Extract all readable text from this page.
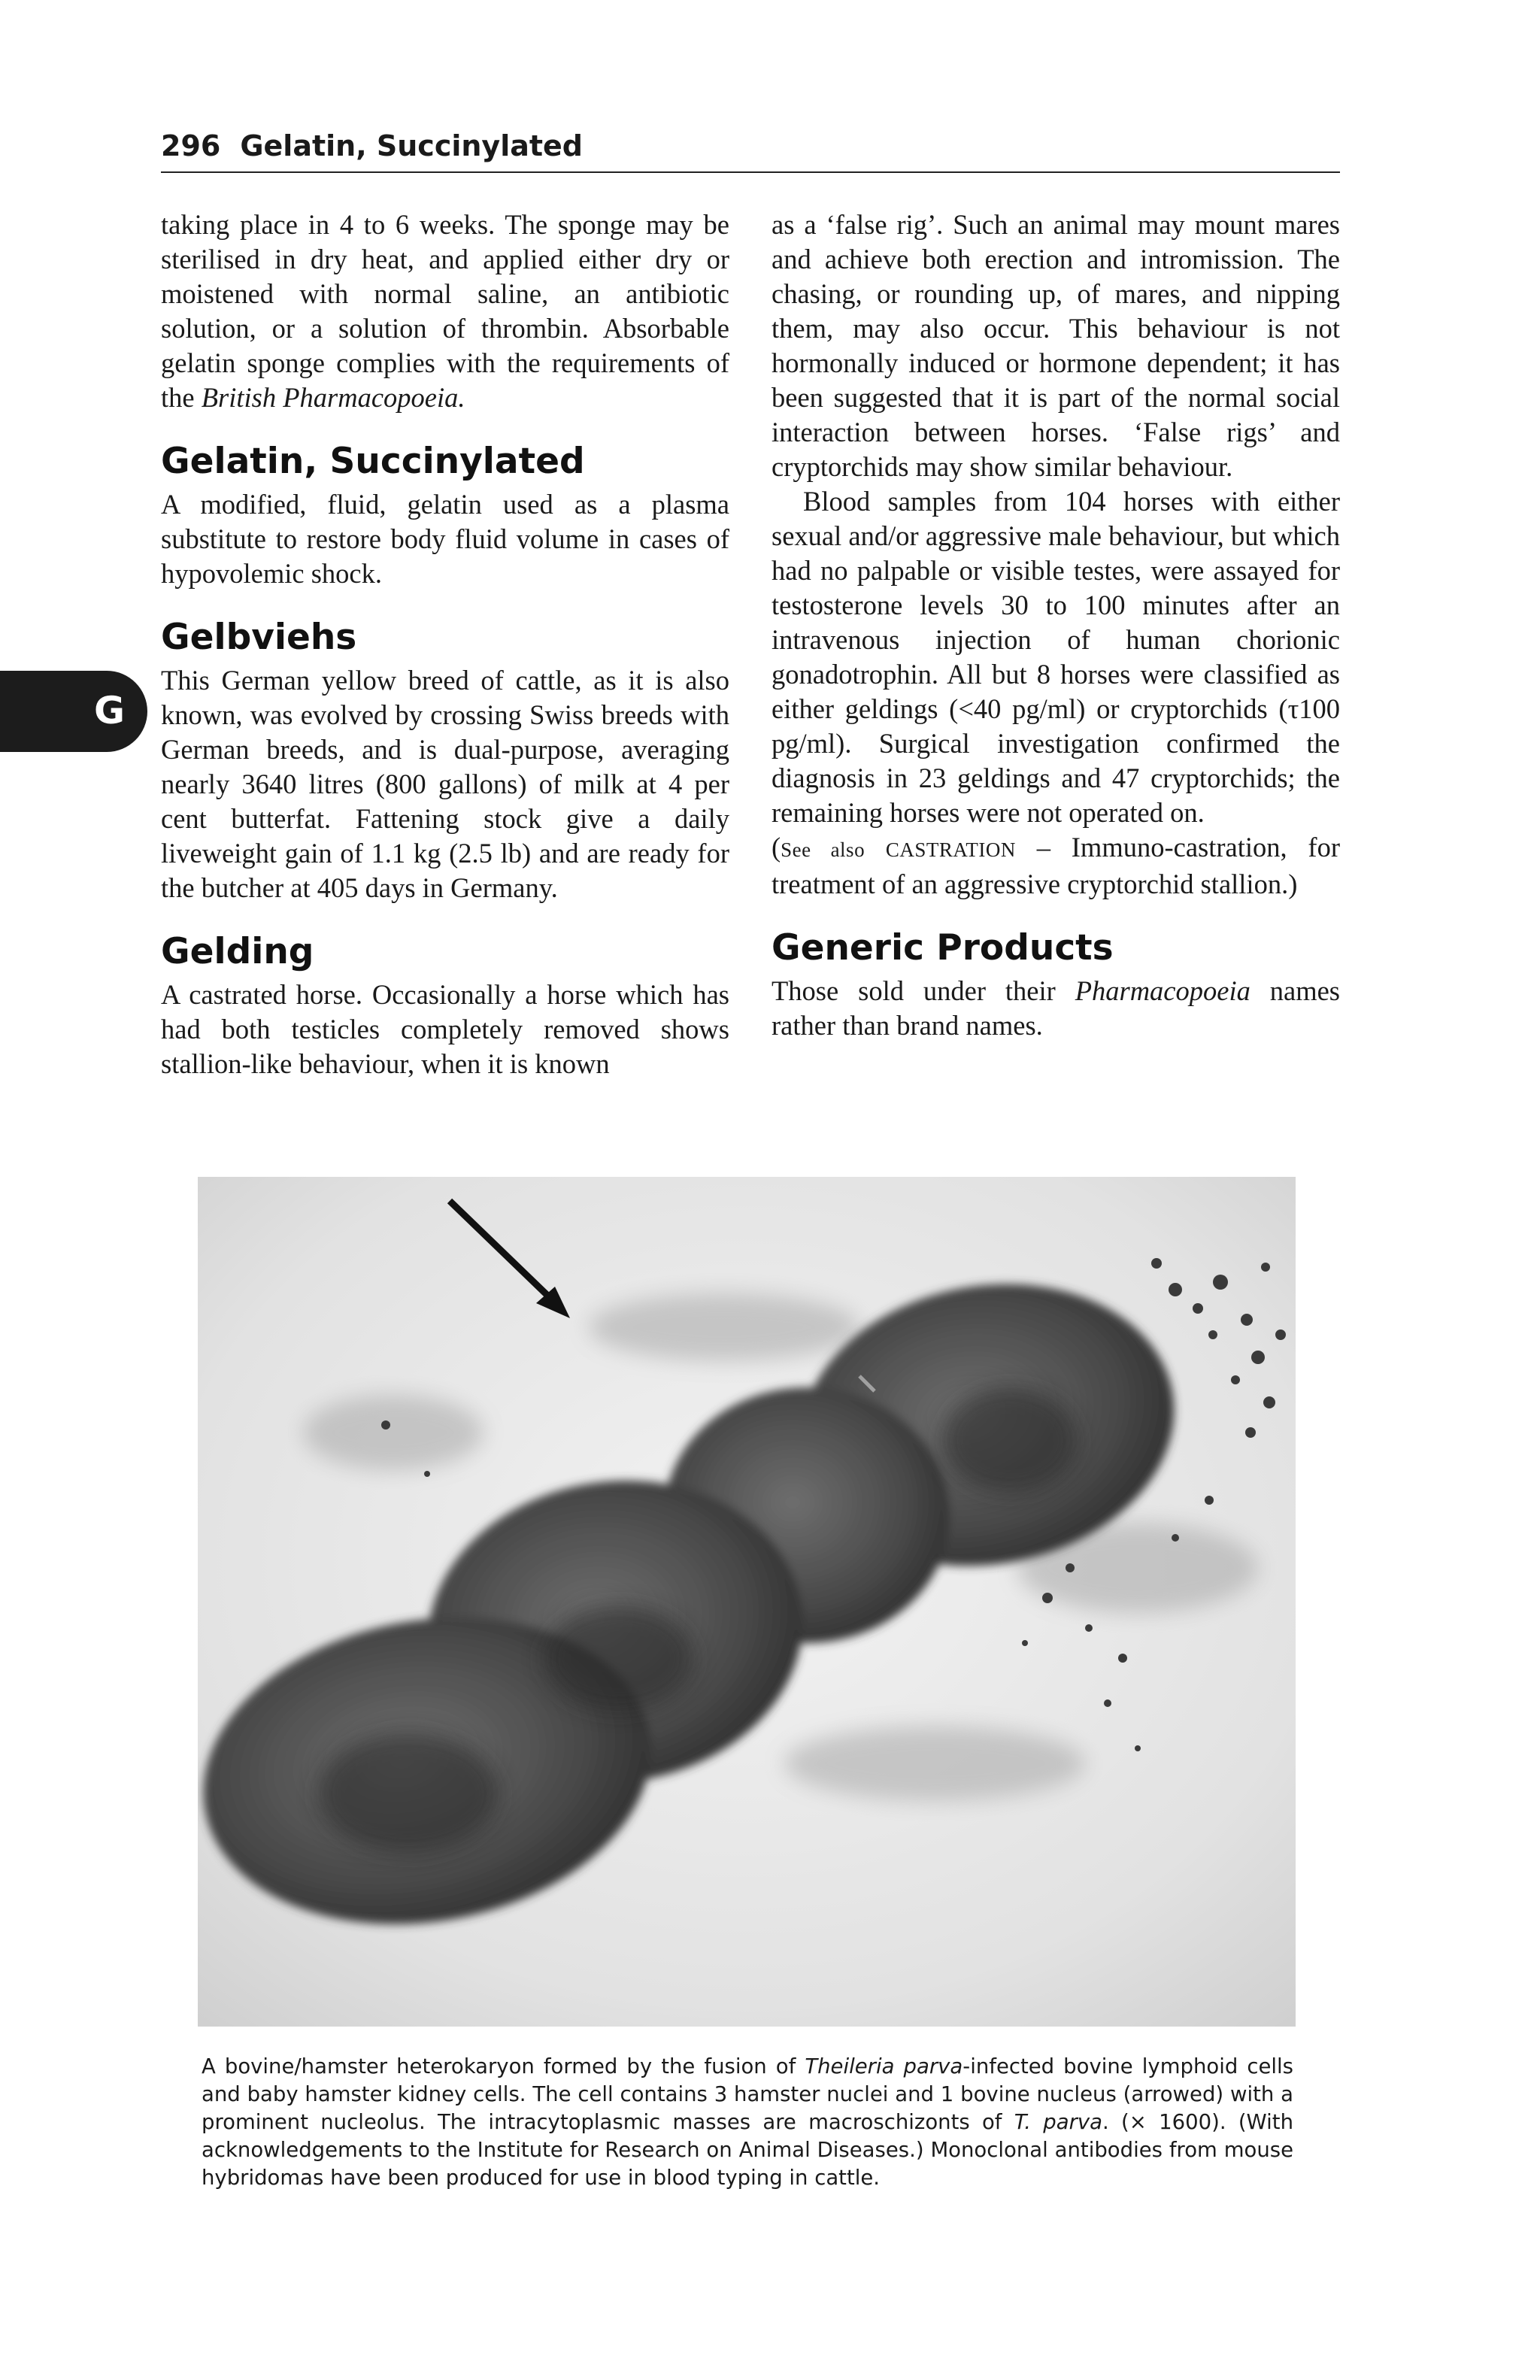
296 Gelatin, Succinylated
G

taking place in 4 to 6 weeks. The sponge may be sterilised in dry heat, and applied either dry or moistened with normal saline, an antibiotic solution, or a solution of thrombin. Absorbable gelatin sponge complies with the requirements of the British Pharmacopoeia.

Gelatin, Succinylated

A modified, fluid, gelatin used as a plasma substitute to restore body fluid volume in cases of hypovolemic shock.

Gelbviehs

This German yellow breed of cattle, as it is also known, was evolved by crossing Swiss breeds with German breeds, and is dual-purpose, averaging nearly 3640 litres (800 gallons) of milk at 4 per cent butterfat. Fattening stock give a daily liveweight gain of 1.1 kg (2.5 lb) and are ready for the butcher at 405 days in Germany.

Gelding

A castrated horse. Occasionally a horse which has had both testicles completely removed shows stallion-like behaviour, when it is known

as a ‘false rig’. Such an animal may mount mares and achieve both erection and intromission. The chasing, or rounding up, of mares, and nipping them, may also occur. This behaviour is not hormonally induced or hormone dependent; it has been suggested that it is part of the normal social interaction between horses. ‘False rigs’ and cryptorchids may show similar behaviour.

Blood samples from 104 horses with either sexual and/or aggressive male behaviour, but which had no palpable or visible testes, were assayed for testosterone levels 30 to 100 minutes after an intravenous injection of human chorionic gonadotrophin. All but 8 horses were classified as either geldings (<40 pg/ml) or cryptorchids (τ100 pg/ml). Surgical investigation confirmed the diagnosis in 23 geldings and 47 cryptorchids; the remaining horses were not operated on.

(See also CASTRATION – Immuno-castration, for treatment of an aggressive cryptorchid stallion.)

Generic Products

Those sold under their Pharmacopoeia names rather than brand names.

A bovine/hamster heterokaryon formed by the fusion of Theileria parva-infected bovine lymphoid cells and baby hamster kidney cells. The cell contains 3 hamster nuclei and 1 bovine nucleus (arrowed) with a prominent nucleolus. The intracytoplasmic masses are macroschizonts of T. parva. (× 1600). (With acknowledgements to the Institute for Research on Animal Diseases.) Monoclonal antibodies from mouse hybridomas have been produced for use in blood typing in cattle.
